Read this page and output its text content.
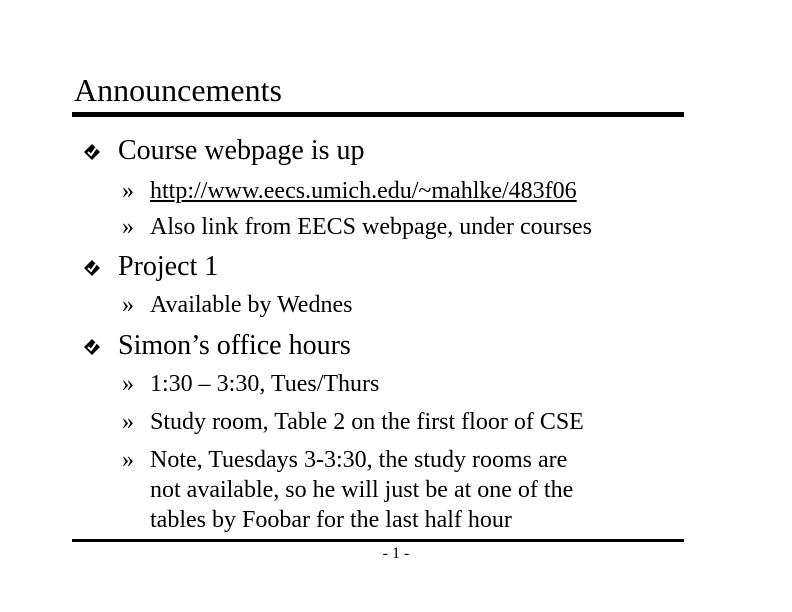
Announcements
Course webpage is up
» http://www.eecs.umich.edu/~mahlke/483f06
» Also link from EECS webpage, under courses
Project 1
» Available by Wednes
Simon’s office hours
» 1:30 – 3:30, Tues/Thurs
» Study room, Table 2 on the first floor of CSE
» Note, Tuesdays 3-3:30, the study rooms are
not available, so he will just be at one of the
tables by Foobar for the last half hour
- 1 -
